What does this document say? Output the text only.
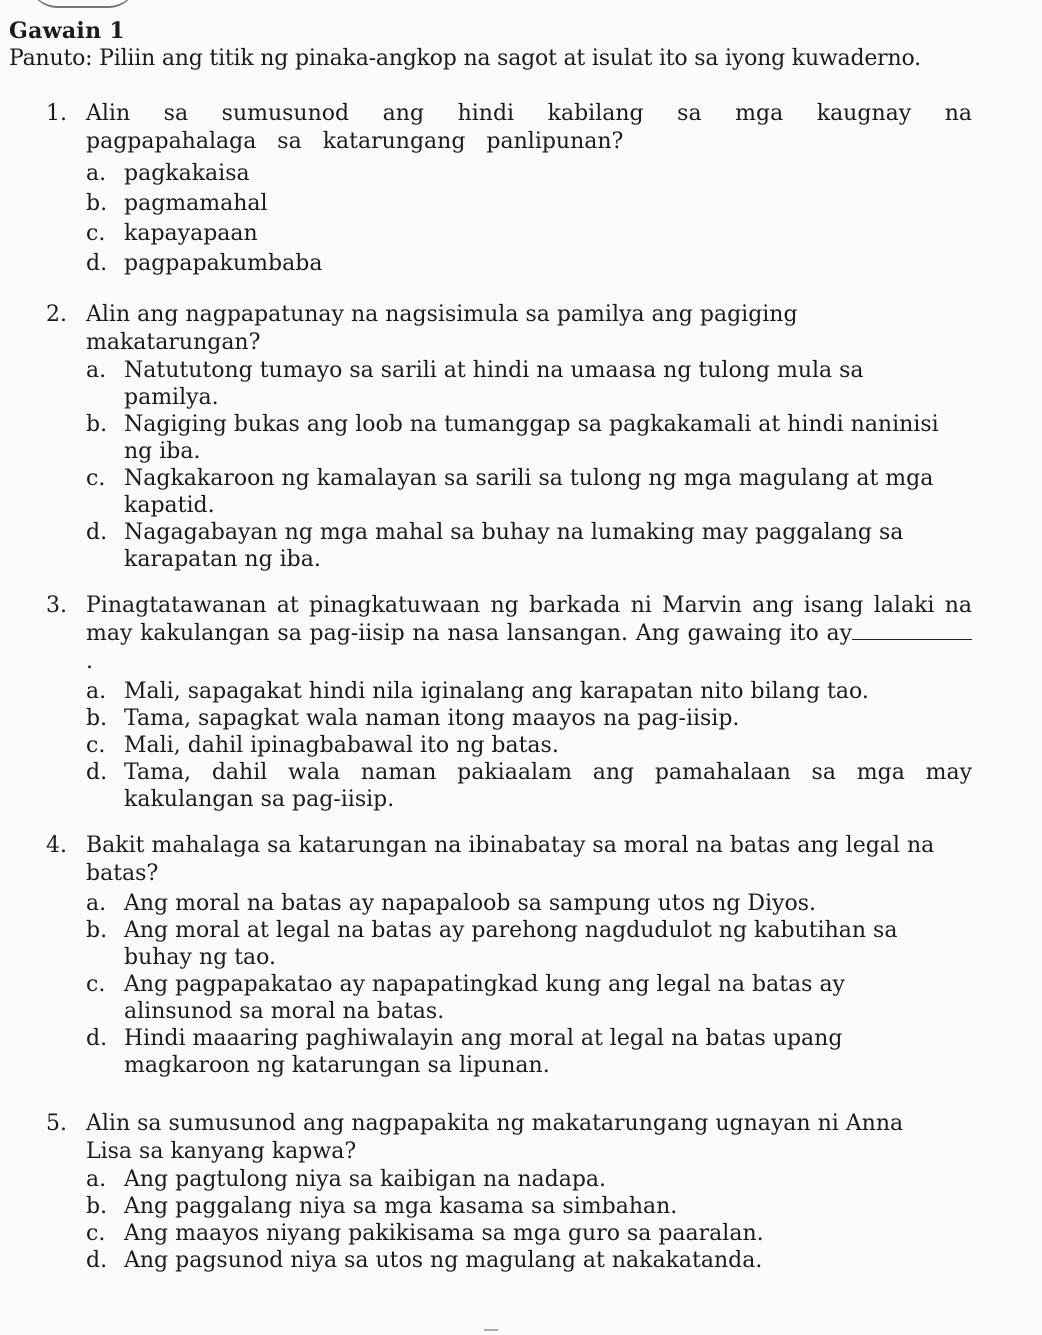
Gawain 1
Panuto: Piliin ang titik ng pinaka-angkop na sagot at isulat ito sa iyong kuwaderno.
1. Alin sa sumusunod ang hindi kabilang sa mga kaugnay na pagpapahalaga sa katarungang panlipunan?
a. pagkakaisa
b. pagmamahal
c. kapayapaan
d. pagpapakumbaba
2. Alin ang nagpapatunay na nagsisimula sa pamilya ang pagiging makatarungan?
a. Natututong tumayo sa sarili at hindi na umaasa ng tulong mula sa pamilya.
b. Nagiging bukas ang loob na tumanggap sa pagkakamali at hindi naninisi ng iba.
c. Nagkakaroon ng kamalayan sa sarili sa tulong ng mga magulang at mga kapatid.
d. Nagagabayan ng mga mahal sa buhay na lumaking may paggalang sa karapatan ng iba.
3. Pinagtatawanan at pinagkatuwaan ng barkada ni Marvin ang isang lalaki na may kakulangan sa pag-iisip na nasa lansangan. Ang gawaing ito ay.
a. Mali, sapagakat hindi nila iginalang ang karapatan nito bilang tao.
b. Tama, sapagkat wala naman itong maayos na pag-iisip.
c. Mali, dahil ipinagbabawal ito ng batas.
d. Tama, dahil wala naman pakiaalam ang pamahalaan sa mga may kakulangan sa pag-iisip.
4. Bakit mahalaga sa katarungan na ibinabatay sa moral na batas ang legal na batas?
a. Ang moral na batas ay napapaloob sa sampung utos ng Diyos.
b. Ang moral at legal na batas ay parehong nagdudulot ng kabutihan sa buhay ng tao.
c. Ang pagpapakatao ay napapatingkad kung ang legal na batas ay alinsunod sa moral na batas.
d. Hindi maaaring paghiwalayin ang moral at legal na batas upang magkaroon ng katarungan sa lipunan.
5. Alin sa sumusunod ang nagpapakita ng makatarungang ugnayan ni Anna Lisa sa kanyang kapwa?
a. Ang pagtulong niya sa kaibigan na nadapa.
b. Ang paggalang niya sa mga kasama sa simbahan.
c. Ang maayos niyang pakikisama sa mga guro sa paaralan.
d. Ang pagsunod niya sa utos ng magulang at nakakatanda.
